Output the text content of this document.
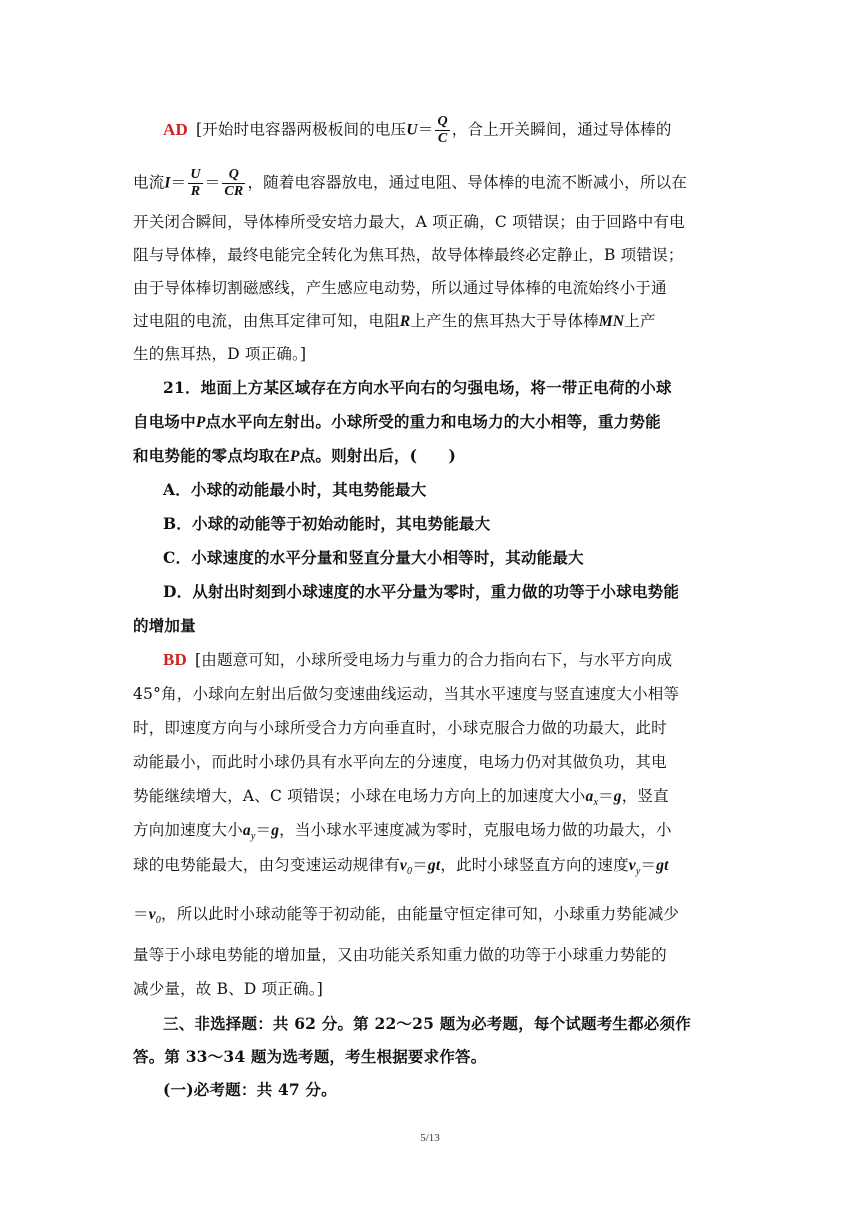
AD [开始时电容器两极板间的电压$U= \frac{Q}{C}$ ，合上开关瞬间，通过导体棒的
电流$I= \frac{U}{R} = \frac{Q}{CR}$ ，随着电容器放电，通过电阻、导体棒的电流不断减小，所以在
开关闭合瞬间，导体棒所受安培力最大，A 项正确，C 项错误；由于回路中有电
阻与导体棒，最终电能完全转化为焦耳热，故导体棒最终必定静止，B 项错误；
由于导体棒切割磁感线，产生感应电动势，所以通过导体棒的电流始终小于通
过电阻的电流，由焦耳定律可知，电阻R上产生的焦耳热大于导体棒MN上产
生的焦耳热，D 项正确。]
21．地面上方某区域存在方向水平向右的匀强电场，将一带正电荷的小球
自电场中P点水平向左射出。小球所受的重力和电场力的大小相等，重力势能
和电势能的零点均取在P点。则射出后，(　　)
A．小球的动能最小时，其电势能最大
B．小球的动能等于初始动能时，其电势能最大
C．小球速度的水平分量和竖直分量大小相等时，其动能最大
D．从射出时刻到小球速度的水平分量为零时，重力做的功等于小球电势能
的增加量
BD [由题意可知，小球所受电场力与重力的合力指向右下，与水平方向成
45°角，小球向左射出后做匀变速曲线运动，当其水平速度与竖直速度大小相等
时，即速度方向与小球所受合力方向垂直时，小球克服合力做的功最大，此时
动能最小，而此时小球仍具有水平向左的分速度，电场力仍对其做负功，其电
势能继续增大，A、C 项错误；小球在电场力方向上的加速度大小$a_x=g$，竖直
方向加速度大小$a_y=g$，当小球水平速度减为零时，克服电场力做的功最大，小
球的电势能最大，由匀变速运动规律有$v_0=gt$，此时小球竖直方向的速度$v_y=gt$
$=v_0$，所以此时小球动能等于初动能，由能量守恒定律可知，小球重力势能减少
量等于小球电势能的增加量，又由功能关系知重力做的功等于小球重力势能的
减少量，故 B、D 项正确。]
三、非选择题：共 62 分。第 22～25 题为必考题，每个试题考生都必须作
答。第 33～34 题为选考题，考生根据要求作答。
(一)必考题：共 47 分。
5/13
